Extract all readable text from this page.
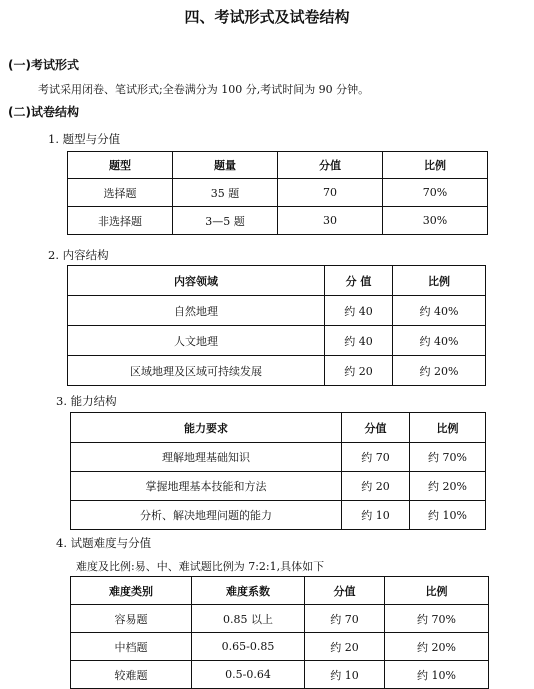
四、考试形式及试卷结构
(一)考试形式
考试采用闭卷、笔试形式;全卷满分为 100 分,考试时间为 90 分钟。
(二)试卷结构
1. 题型与分值
题型	题量	分值	比例
选择题	35 题	70	70%
非选择题	3—5 题	30	30%
2. 内容结构
内容领域	分 值	比例
自然地理	约 40	约 40%
人文地理	约 40	约 40%
区域地理及区域可持续发展	约 20	约 20%
3. 能力结构
能力要求	分值	比例
理解地理基础知识	约 70	约 70%
掌握地理基本技能和方法	约 20	约 20%
分析、解决地理问题的能力	约 10	约 10%
4. 试题难度与分值
难度及比例:易、中、难试题比例为 7:2:1,具体如下
难度类别	难度系数	分值	比例
容易题	0.85 以上	约 70	约 70%
中档题	0.65-0.85	约 20	约 20%
较难题	0.5-0.64	约 10	约 10%
